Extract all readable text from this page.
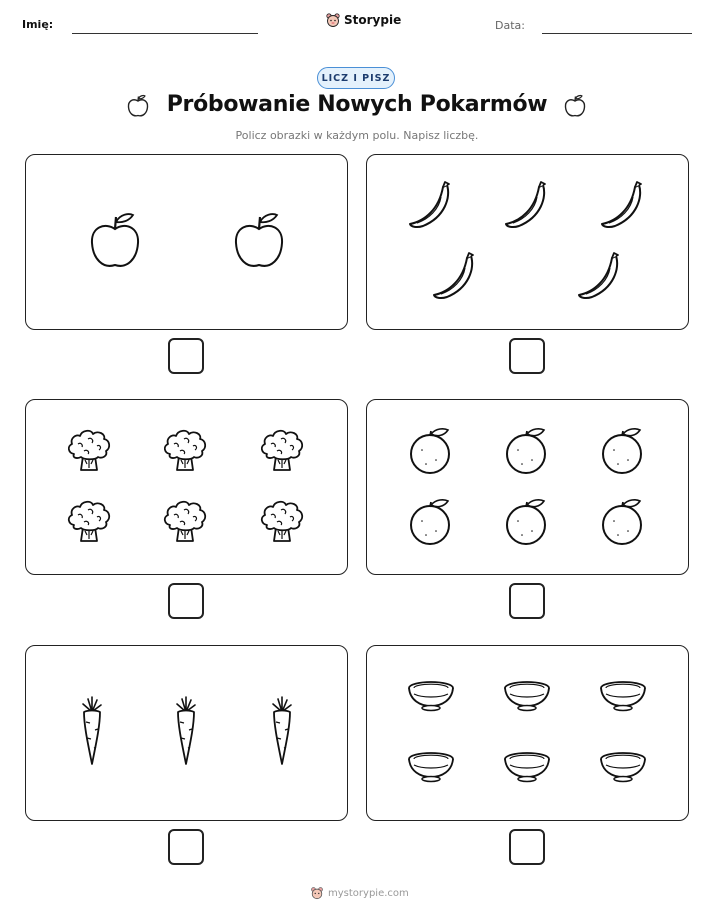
Imię:	Storypie	Data:
LICZ I PISZ
Próbowanie Nowych Pokarmów
Policz obrazki w każdym polu. Napisz liczbę.
mystorypie.com
